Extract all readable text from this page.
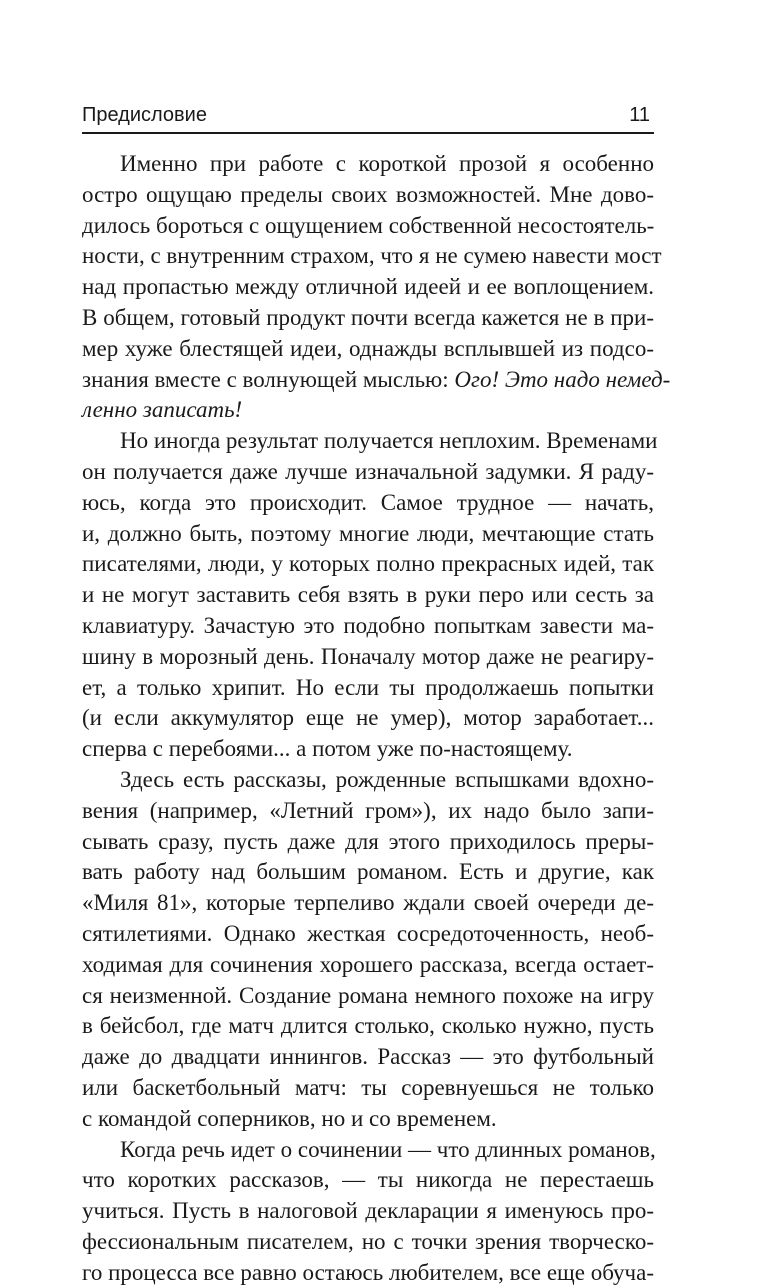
Предисловие	11
Именно при работе с короткой прозой я особенно
остро ощущаю пределы своих возможностей. Мне дово-
дилось бороться с ощущением собственной несостоятель-
ности, с внутренним страхом, что я не сумею навести мост
над пропастью между отличной идеей и ее воплощением.
В общем, готовый продукт почти всегда кажется не в при-
мер хуже блестящей идеи, однажды всплывшей из подсо-
знания вместе с волнующей мыслью: Ого! Это надо немед-
ленно записать!
Но иногда результат получается неплохим. Временами
он получается даже лучше изначальной задумки. Я раду-
юсь, когда это происходит. Самое трудное — начать,
и, должно быть, поэтому многие люди, мечтающие стать
писателями, люди, у которых полно прекрасных идей, так
и не могут заставить себя взять в руки перо или сесть за
клавиатуру. Зачастую это подобно попыткам завести ма-
шину в морозный день. Поначалу мотор даже не реагиру-
ет, а только хрипит. Но если ты продолжаешь попытки
(и если аккумулятор еще не умер), мотор заработает...
сперва с перебоями... а потом уже по-настоящему.
Здесь есть рассказы, рожденные вспышками вдохно-
вения (например, «Летний гром»), их надо было запи-
сывать сразу, пусть даже для этого приходилось преры-
вать работу над большим романом. Есть и другие, как
«Миля 81», которые терпеливо ждали своей очереди де-
сятилетиями. Однако жесткая сосредоточенность, необ-
ходимая для сочинения хорошего рассказа, всегда остает-
ся неизменной. Создание романа немного похоже на игру
в бейсбол, где матч длится столько, сколько нужно, пусть
даже до двадцати иннингов. Рассказ — это футбольный
или баскетбольный матч: ты соревнуешься не только
с командой соперников, но и со временем.
Когда речь идет о сочинении — что длинных романов,
что коротких рассказов, — ты никогда не перестаешь
учиться. Пусть в налоговой декларации я именуюсь про-
фессиональным писателем, но с точки зрения творческо-
го процесса все равно остаюсь любителем, все еще обуча-
